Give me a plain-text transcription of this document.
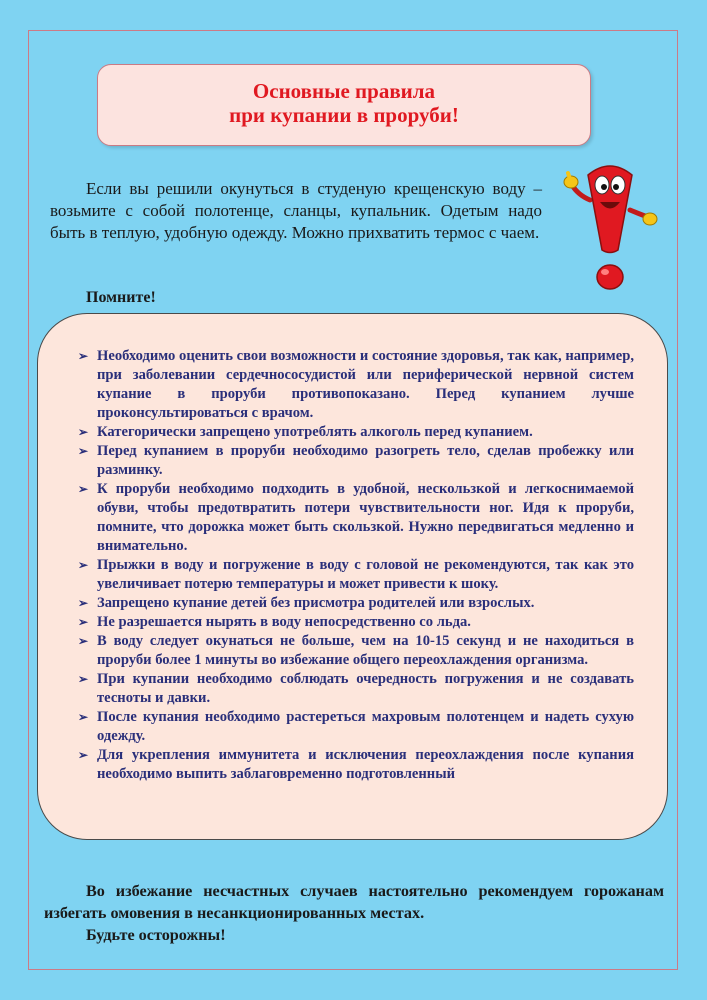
Основные правила
при купании в проруби!

Если вы решили окунуться в студеную крещенскую воду – возьмите с собой полотенце, сланцы, купальник. Одетым надо быть в теплую, удобную одежду. Можно прихватить термос с чаем.

Помните!
➢ Необходимо оценить свои возможности и состояние здоровья, так как, например, при заболевании сердечнососудистой или периферической нервной систем купание в проруби противопоказано. Перед купанием лучше проконсультироваться с врачом.
➢ Категорически запрещено употреблять алкоголь перед купанием.
➢ Перед купанием в проруби необходимо разогреть тело, сделав пробежку или разминку.
➢ К проруби необходимо подходить в удобной, нескользкой и легкоснимаемой обуви, чтобы предотвратить потери чувствительности ног. Идя к проруби, помните, что дорожка может быть скользкой. Нужно передвигаться медленно и внимательно.
➢ Прыжки в воду и погружение в воду с головой не рекомендуются, так как это увеличивает потерю температуры и может привести к шоку.
➢ Запрещено купание детей без присмотра родителей или взрослых.
➢ Не разрешается нырять в воду непосредственно со льда.
➢ В воду следует окунаться не больше, чем на 10-15 секунд и не находиться в проруби более 1 минуты во избежание общего переохлаждения организма.
➢ При купании необходимо соблюдать очередность погружения и не создавать тесноты и давки.
➢ После купания необходимо растереться махровым полотенцем и надеть сухую одежду.
➢ Для укрепления иммунитета и исключения переохлаждения после купания необходимо выпить заблаговременно подготовленный

Во избежание несчастных случаев настоятельно рекомендуем горожанам избегать омовения в несанкционированных местах.

Будьте осторожны!
